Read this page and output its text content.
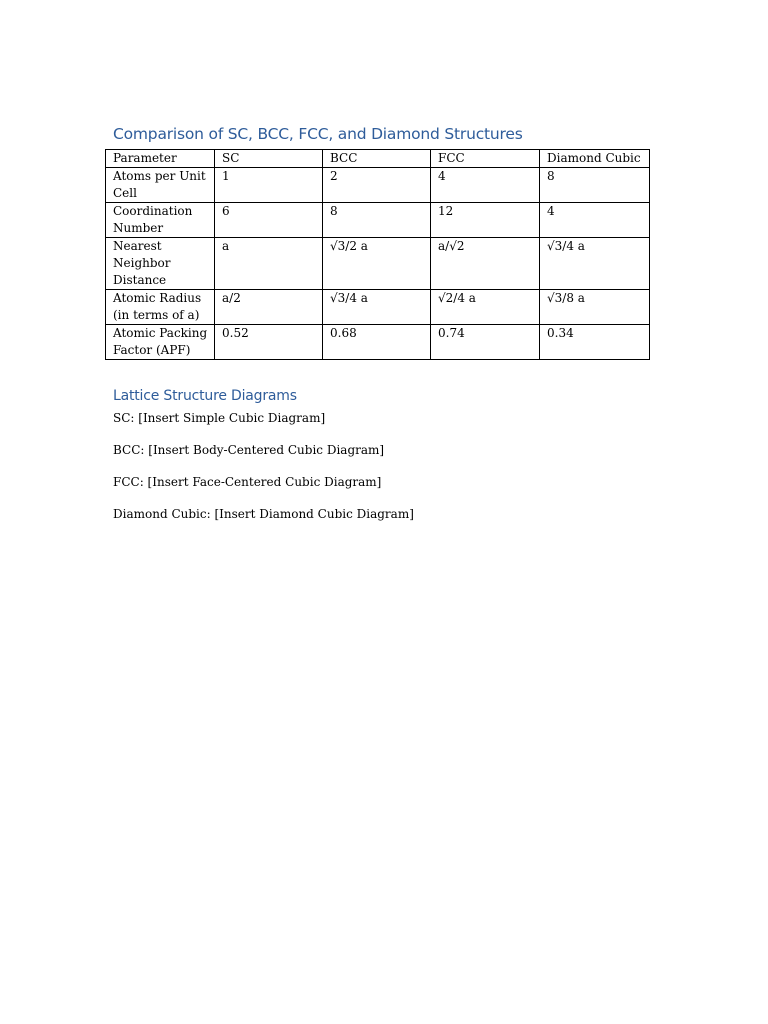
Comparison of SC, BCC, FCC, and Diamond Structures
Parameter	SC	BCC	FCC	Diamond Cubic
Atoms per Unit Cell	1	2	4	8
Coordination Number	6	8	12	4
Nearest Neighbor Distance	a	√3/2 a	a/√2	√3/4 a
Atomic Radius (in terms of a)	a/2	√3/4 a	√2/4 a	√3/8 a
Atomic Packing Factor (APF)	0.52	0.68	0.74	0.34
Lattice Structure Diagrams
SC: [Insert Simple Cubic Diagram]
BCC: [Insert Body-Centered Cubic Diagram]
FCC: [Insert Face-Centered Cubic Diagram]
Diamond Cubic: [Insert Diamond Cubic Diagram]
